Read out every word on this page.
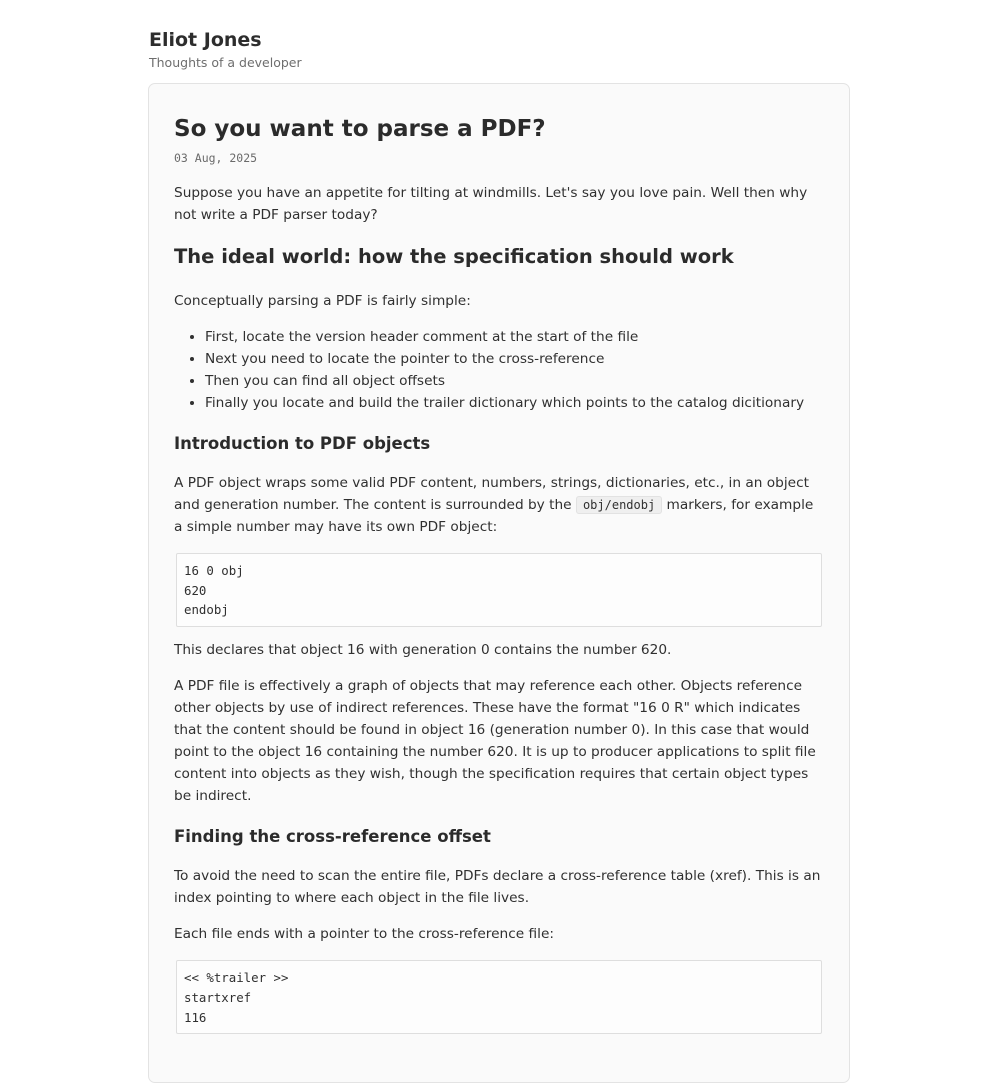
Eliot Jones

Thoughts of a developer

So you want to parse a PDF?

03 Aug, 2025

Suppose you have an appetite for tilting at windmills. Let's say you love pain. Well then why not write a PDF parser today?

The ideal world: how the specification should work

Conceptually parsing a PDF is fairly simple:

• First, locate the version header comment at the start of the file
• Next you need to locate the pointer to the cross-reference
• Then you can find all object offsets
• Finally you locate and build the trailer dictionary which points to the catalog dicitionary
Introduction to PDF objects

A PDF object wraps some valid PDF content, numbers, strings, dictionaries, etc., in an object and generation number. The content is surrounded by the obj/endobj markers, for example a simple number may have its own PDF object:

16 0 obj
620
endobj

This declares that object 16 with generation 0 contains the number 620.

A PDF file is effectively a graph of objects that may reference each other. Objects reference other objects by use of indirect references. These have the format "16 0 R" which indicates that the content should be found in object 16 (generation number 0). In this case that would point to the object 16 containing the number 620. It is up to producer applications to split file content into objects as they wish, though the specification requires that certain object types be indirect.

Finding the cross-reference offset

To avoid the need to scan the entire file, PDFs declare a cross-reference table (xref). This is an index pointing to where each object in the file lives.

Each file ends with a pointer to the cross-reference file:

<< %trailer >>
startxref
116
